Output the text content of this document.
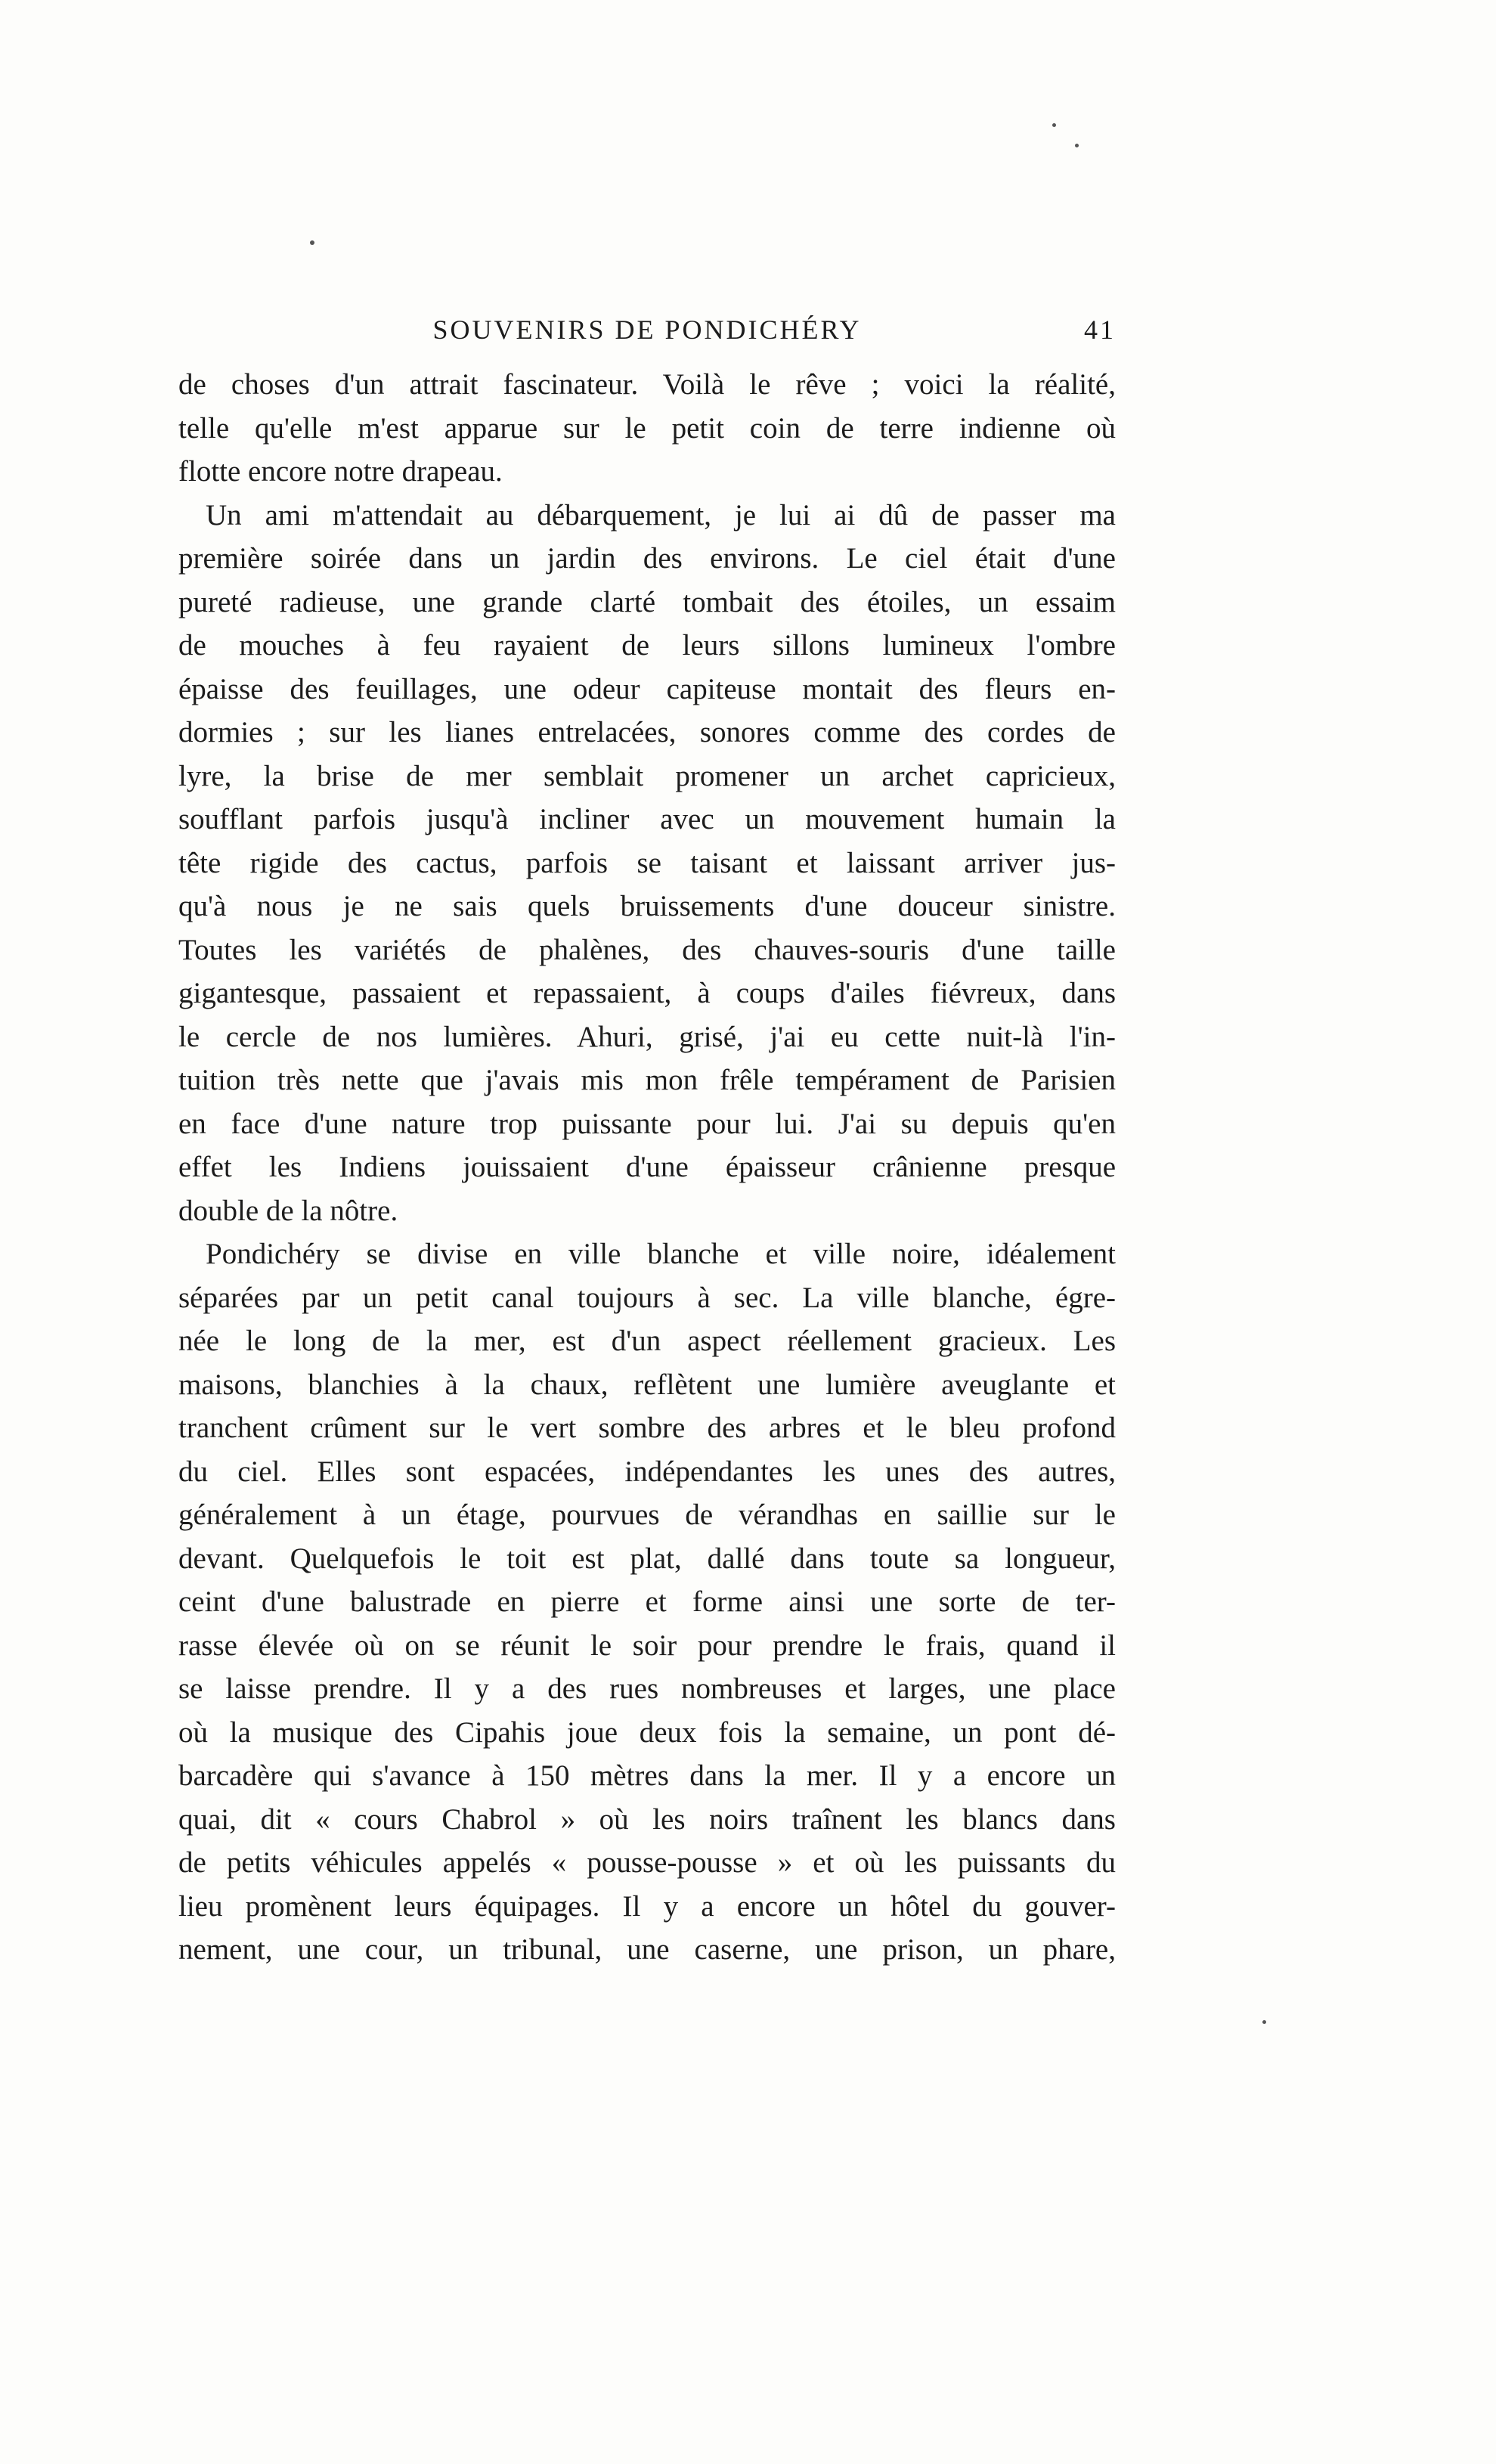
SOUVENIRS DE PONDICHÉRY	41
de choses d'un attrait fascinateur. Voilà le rêve ; voici la réalité,
telle qu'elle m'est apparue sur le petit coin de terre indienne où
flotte encore notre drapeau.
Un ami m'attendait au débarquement, je lui ai dû de passer ma
première soirée dans un jardin des environs. Le ciel était d'une
pureté radieuse, une grande clarté tombait des étoiles, un essaim
de mouches à feu rayaient de leurs sillons lumineux l'ombre
épaisse des feuillages, une odeur capiteuse montait des fleurs en-
dormies ; sur les lianes entrelacées, sonores comme des cordes de
lyre, la brise de mer semblait promener un archet capricieux,
soufflant parfois jusqu'à incliner avec un mouvement humain la
tête rigide des cactus, parfois se taisant et laissant arriver jus-
qu'à nous je ne sais quels bruissements d'une douceur sinistre.
Toutes les variétés de phalènes, des chauves-souris d'une taille
gigantesque, passaient et repassaient, à coups d'ailes fiévreux, dans
le cercle de nos lumières. Ahuri, grisé, j'ai eu cette nuit-là l'in-
tuition très nette que j'avais mis mon frêle tempérament de Parisien
en face d'une nature trop puissante pour lui. J'ai su depuis qu'en
effet les Indiens jouissaient d'une épaisseur crânienne presque
double de la nôtre.
Pondichéry se divise en ville blanche et ville noire, idéalement
séparées par un petit canal toujours à sec. La ville blanche, égre-
née le long de la mer, est d'un aspect réellement gracieux. Les
maisons, blanchies à la chaux, reflètent une lumière aveuglante et
tranchent crûment sur le vert sombre des arbres et le bleu profond
du ciel. Elles sont espacées, indépendantes les unes des autres,
généralement à un étage, pourvues de vérandhas en saillie sur le
devant. Quelquefois le toit est plat, dallé dans toute sa longueur,
ceint d'une balustrade en pierre et forme ainsi une sorte de ter-
rasse élevée où on se réunit le soir pour prendre le frais, quand il
se laisse prendre. Il y a des rues nombreuses et larges, une place
où la musique des Cipahis joue deux fois la semaine, un pont dé-
barcadère qui s'avance à 150 mètres dans la mer. Il y a encore un
quai, dit « cours Chabrol » où les noirs traînent les blancs dans
de petits véhicules appelés « pousse-pousse » et où les puissants du
lieu promènent leurs équipages. Il y a encore un hôtel du gouver-
nement, une cour, un tribunal, une caserne, une prison, un phare,
